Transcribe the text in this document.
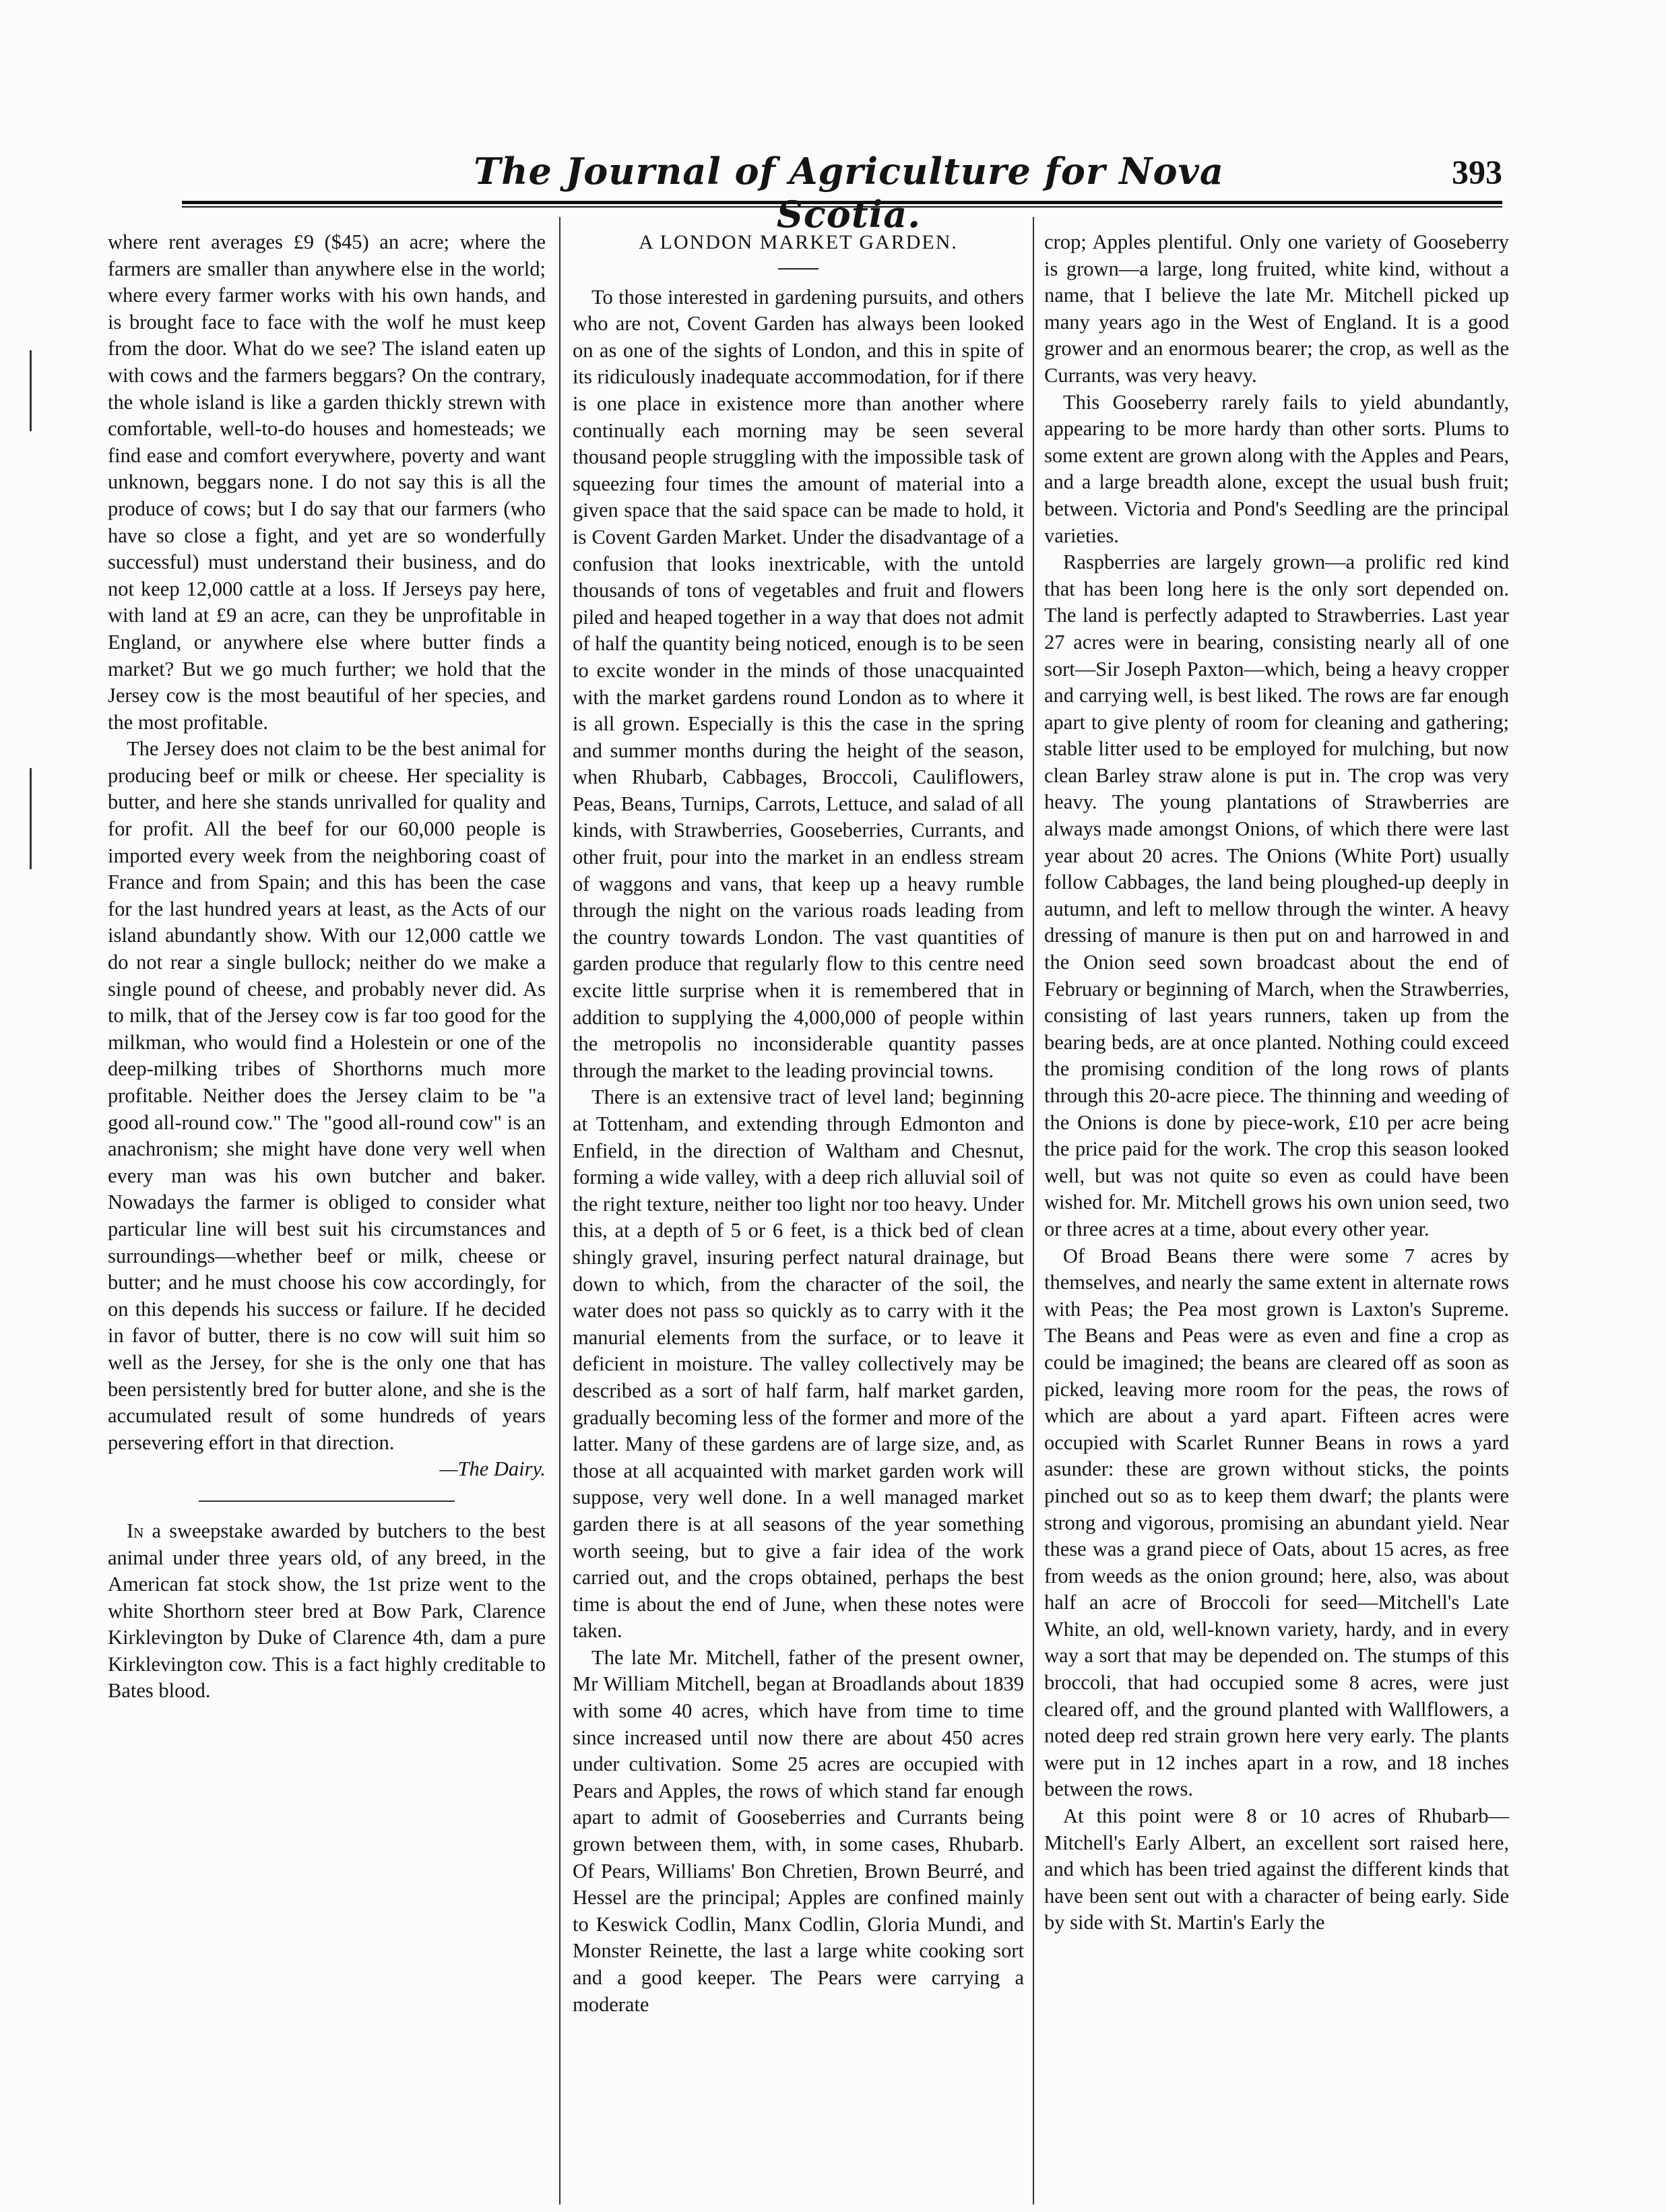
The Journal of Agriculture for Nova Scotia.
393

where rent averages £9 ($45) an acre; where the farmers are smaller than anywhere else in the world; where every farmer works with his own hands, and is brought face to face with the wolf he must keep from the door. What do we see? The island eaten up with cows and the farmers beggars? On the contrary, the whole island is like a garden thickly strewn with comfortable, well-to-do houses and homesteads; we find ease and comfort everywhere, poverty and want unknown, beggars none. I do not say this is all the produce of cows; but I do say that our farmers (who have so close a fight, and yet are so wonderfully successful) must understand their business, and do not keep 12,000 cattle at a loss. If Jerseys pay here, with land at £9 an acre, can they be unprofitable in England, or anywhere else where butter finds a market? But we go much further; we hold that the Jersey cow is the most beautiful of her species, and the most profitable.

The Jersey does not claim to be the best animal for producing beef or milk or cheese. Her speciality is butter, and here she stands unrivalled for quality and for profit. All the beef for our 60,000 people is imported every week from the neighboring coast of France and from Spain; and this has been the case for the last hundred years at least, as the Acts of our island abundantly show. With our 12,000 cattle we do not rear a single bullock; neither do we make a single pound of cheese, and probably never did. As to milk, that of the Jersey cow is far too good for the milkman, who would find a Holestein or one of the deep-milking tribes of Shorthorns much more profitable. Neither does the Jersey claim to be "a good all-round cow." The "good all-round cow" is an anachronism; she might have done very well when every man was his own butcher and baker. Nowadays the farmer is obliged to consider what particular line will best suit his circumstances and surroundings—whether beef or milk, cheese or butter; and he must choose his cow accordingly, for on this depends his success or failure. If he decided in favor of butter, there is no cow will suit him so well as the Jersey, for she is the only one that has been persistently bred for butter alone, and she is the accumulated result of some hundreds of years persevering effort in that direction.

—The Dairy.

In a sweepstake awarded by butchers to the best animal under three years old, of any breed, in the American fat stock show, the 1st prize went to the white Shorthorn steer bred at Bow Park, Clarence Kirklevington by Duke of Clarence 4th, dam a pure Kirklevington cow. This is a fact highly creditable to Bates blood.

A LONDON MARKET GARDEN.

To those interested in gardening pursuits, and others who are not, Covent Garden has always been looked on as one of the sights of London, and this in spite of its ridiculously inadequate accommodation, for if there is one place in existence more than another where continually each morning may be seen several thousand people struggling with the impossible task of squeezing four times the amount of material into a given space that the said space can be made to hold, it is Covent Garden Market. Under the disadvantage of a confusion that looks inextricable, with the untold thousands of tons of vegetables and fruit and flowers piled and heaped together in a way that does not admit of half the quantity being noticed, enough is to be seen to excite wonder in the minds of those unacquainted with the market gardens round London as to where it is all grown. Especially is this the case in the spring and summer months during the height of the season, when Rhubarb, Cabbages, Broccoli, Cauliflowers, Peas, Beans, Turnips, Carrots, Lettuce, and salad of all kinds, with Strawberries, Gooseberries, Currants, and other fruit, pour into the market in an endless stream of waggons and vans, that keep up a heavy rumble through the night on the various roads leading from the country towards London. The vast quantities of garden produce that regularly flow to this centre need excite little surprise when it is remembered that in addition to supplying the 4,000,000 of people within the metropolis no inconsiderable quantity passes through the market to the leading provincial towns.

There is an extensive tract of level land; beginning at Tottenham, and extending through Edmonton and Enfield, in the direction of Waltham and Chesnut, forming a wide valley, with a deep rich alluvial soil of the right texture, neither too light nor too heavy. Under this, at a depth of 5 or 6 feet, is a thick bed of clean shingly gravel, insuring perfect natural drainage, but down to which, from the character of the soil, the water does not pass so quickly as to carry with it the manurial elements from the surface, or to leave it deficient in moisture. The valley collectively may be described as a sort of half farm, half market garden, gradually becoming less of the former and more of the latter. Many of these gardens are of large size, and, as those at all acquainted with market garden work will suppose, very well done. In a well managed market garden there is at all seasons of the year something worth seeing, but to give a fair idea of the work carried out, and the crops obtained, perhaps the best time is about the end of June, when these notes were taken.

The late Mr. Mitchell, father of the present owner, Mr William Mitchell, began at Broadlands about 1839 with some 40 acres, which have from time to time since increased until now there are about 450 acres under cultivation. Some 25 acres are occupied with Pears and Apples, the rows of which stand far enough apart to admit of Gooseberries and Currants being grown between them, with, in some cases, Rhubarb. Of Pears, Williams' Bon Chretien, Brown Beurré, and Hessel are the principal; Apples are confined mainly to Keswick Codlin, Manx Codlin, Gloria Mundi, and Monster Reinette, the last a large white cooking sort and a good keeper. The Pears were carrying a moderate

crop; Apples plentiful. Only one variety of Gooseberry is grown—a large, long fruited, white kind, without a name, that I believe the late Mr. Mitchell picked up many years ago in the West of England. It is a good grower and an enormous bearer; the crop, as well as the Currants, was very heavy.

This Gooseberry rarely fails to yield abundantly, appearing to be more hardy than other sorts. Plums to some extent are grown along with the Apples and Pears, and a large breadth alone, except the usual bush fruit; between. Victoria and Pond's Seedling are the principal varieties.

Raspberries are largely grown—a prolific red kind that has been long here is the only sort depended on. The land is perfectly adapted to Strawberries. Last year 27 acres were in bearing, consisting nearly all of one sort—Sir Joseph Paxton—which, being a heavy cropper and carrying well, is best liked. The rows are far enough apart to give plenty of room for cleaning and gathering; stable litter used to be employed for mulching, but now clean Barley straw alone is put in. The crop was very heavy. The young plantations of Strawberries are always made amongst Onions, of which there were last year about 20 acres. The Onions (White Port) usually follow Cabbages, the land being ploughed-up deeply in autumn, and left to mellow through the winter. A heavy dressing of manure is then put on and harrowed in and the Onion seed sown broadcast about the end of February or beginning of March, when the Strawberries, consisting of last years runners, taken up from the bearing beds, are at once planted. Nothing could exceed the promising condition of the long rows of plants through this 20-acre piece. The thinning and weeding of the Onions is done by piece-work, £10 per acre being the price paid for the work. The crop this season looked well, but was not quite so even as could have been wished for. Mr. Mitchell grows his own union seed, two or three acres at a time, about every other year.

Of Broad Beans there were some 7 acres by themselves, and nearly the same extent in alternate rows with Peas; the Pea most grown is Laxton's Supreme. The Beans and Peas were as even and fine a crop as could be imagined; the beans are cleared off as soon as picked, leaving more room for the peas, the rows of which are about a yard apart. Fifteen acres were occupied with Scarlet Runner Beans in rows a yard asunder: these are grown without sticks, the points pinched out so as to keep them dwarf; the plants were strong and vigorous, promising an abundant yield. Near these was a grand piece of Oats, about 15 acres, as free from weeds as the onion ground; here, also, was about half an acre of Broccoli for seed—Mitchell's Late White, an old, well-known variety, hardy, and in every way a sort that may be depended on. The stumps of this broccoli, that had occupied some 8 acres, were just cleared off, and the ground planted with Wallflowers, a noted deep red strain grown here very early. The plants were put in 12 inches apart in a row, and 18 inches between the rows.

At this point were 8 or 10 acres of Rhubarb—Mitchell's Early Albert, an excellent sort raised here, and which has been tried against the different kinds that have been sent out with a character of being early. Side by side with St. Martin's Early the
